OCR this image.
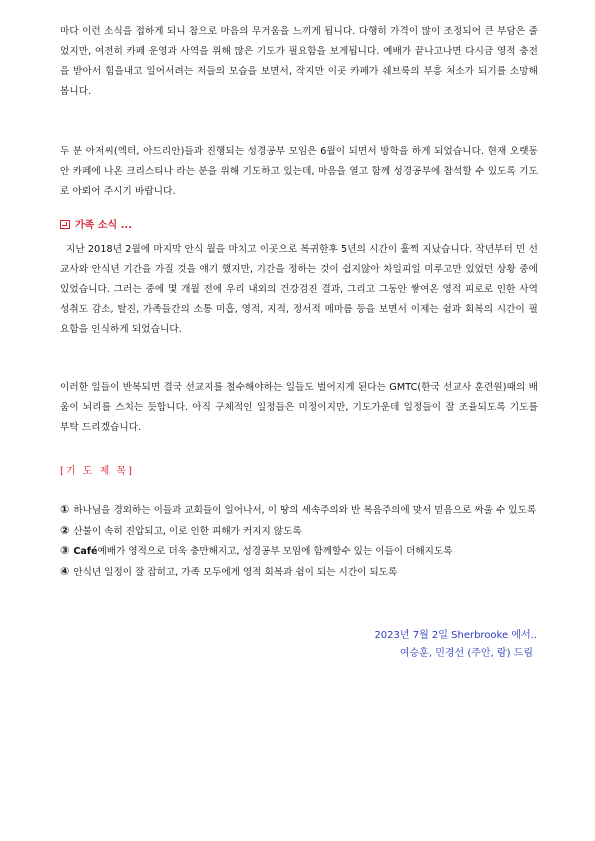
마다 이런 소식을 접하게 되니 참으로 마음의 무거움을 느끼게 됩니다. 다행히 가격이 많이 조정되어 큰 부담은 줄었지만, 여전히 카페 운영과 사역을 위해 많은 기도가 필요함을 보게됩니다. 예배가 끝나고나면 다시금 영적 충전을 받아서 힘을내고 일어서려는 저들의 모습을 보면서, 작지만 이곳 카페가 쉐브룩의 부흥 처소가 되기를 소망해 봅니다.

두 분 아저씨(엑터, 아드리안)들과 진행되는 성경공부 모임은 6월이 되면서 방학을 하게 되었습니다. 현재 오랫동안 카페에 나온 크리스티나 라는 분을 위해 기도하고 있는데, 마음을 열고 함께 성경공부에 참석할 수 있도록 기도로 아뢰어 주시기 바랍니다.

가족 소식 ...

지난 2018년 2월에 마지막 안식 월을 마치고 이곳으로 복귀한후 5년의 시간이 훌쩍 지났습니다. 작년부터 민 선교사와 안식년 기간을 가질 것을 얘기 했지만, 기간을 정하는 것이 쉽지않아 차일피일 미루고만 있었던 상황 중에 있었습니다. 그러는 중에 몇 개월 전에 우리 내외의 건강검진 결과, 그리고 그동안 쌓여온 영적 피로로 인한 사역 성취도 감소, 탈진, 가족들간의 소통 미흡, 영적, 지적, 정서적 메마름 등을 보면서 이제는 쉼과 회복의 시간이 필요함을 인식하게 되었습니다.

이러한 일들이 반복되면 결국 선교지를 철수해야하는 일들도 벌어지게 된다는 GMTC(한국 선교사 훈련원)때의 배움이 뇌리를 스치는 듯합니다. 아직 구체적인 일정들은 미정이지만, 기도가운데 일정들이 잘 조율되도록 기도를 부탁 드리겠습니다.

[기 도 제 목]

① 하나님을 경외하는 이들과 교회들이 일어나서, 이 땅의 세속주의와 반 복음주의에 맞서 믿음으로 싸울 수 있도록
② 산불이 속히 진압되고, 이로 인한 피해가 커지지 않도록
③ Café예배가 영적으로 더욱 충만해지고, 성경공부 모임에 함께할수 있는 이들이 더해지도록
④ 안식년 일정이 잘 잡히고, 가족 모두에게 영적 회복과 쉼이 되는 시간이 되도록

2023년 7월 2일 Sherbrooke 에서..

여승훈, 민경선 (주안, 람) 드림
